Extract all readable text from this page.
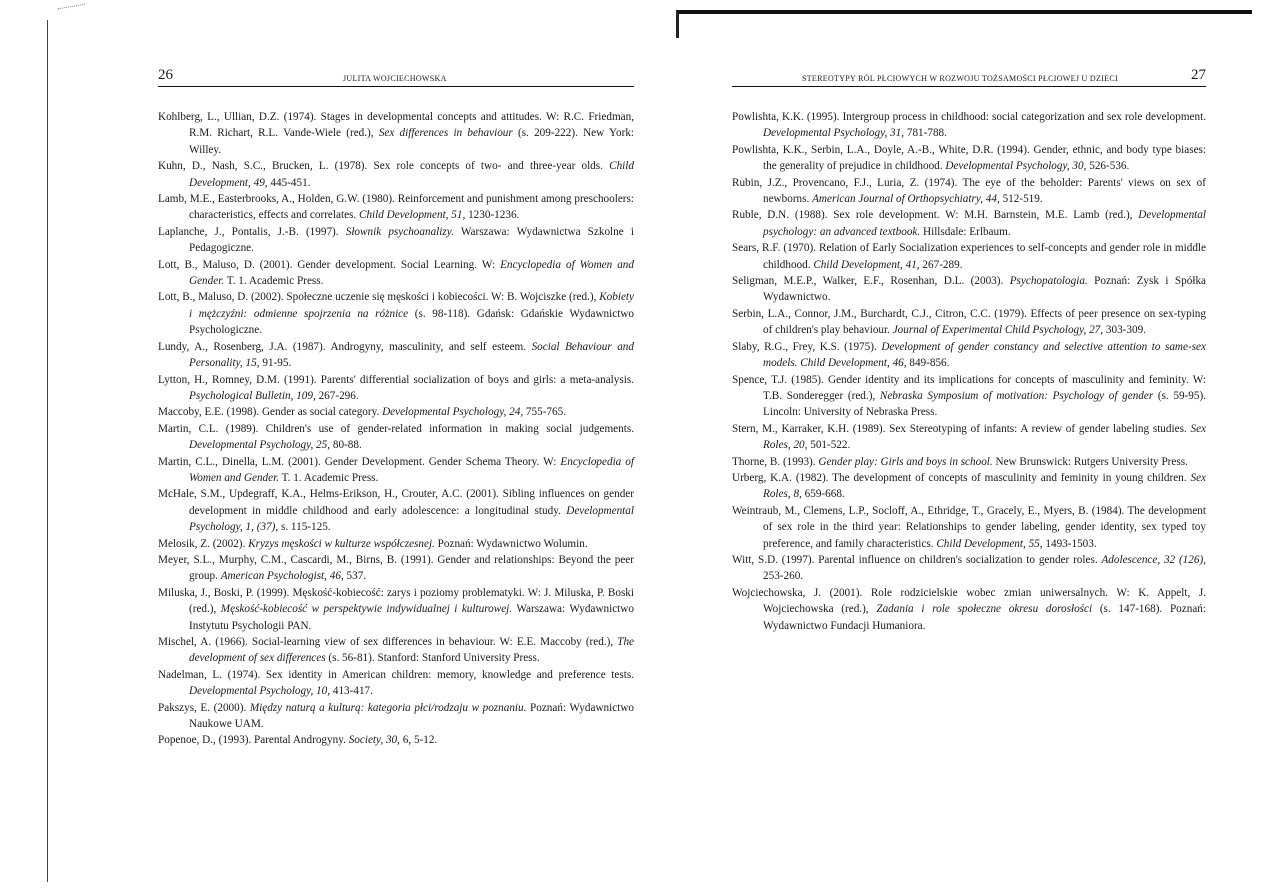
26	JULITA WOJCIECHOWSKA
Kohlberg, L., Ullian, D.Z. (1974). Stages in developmental concepts and attitudes. W: R.C. Friedman, R.M. Richart, R.L. Vande-Wiele (red.), Sex differences in behaviour (s. 209-222). New York: Willey.
Kuhn, D., Nash, S.C., Brucken, L. (1978). Sex role concepts of two- and three-year olds. Child Development, 49, 445-451.
Lamb, M.E., Easterbrooks, A., Holden, G.W. (1980). Reinforcement and punishment among preschoolers: characteristics, effects and correlates. Child Development, 51, 1230-1236.
Laplanche, J., Pontalis, J.-B. (1997). Słownik psychoanalizy. Warszawa: Wydawnictwa Szkolne i Pedagogiczne.
Lott, B., Maluso, D. (2001). Gender development. Social Learning. W: Encyclopedia of Women and Gender. T. 1. Academic Press.
Lott, B., Maluso, D. (2002). Społeczne uczenie się męskości i kobiecości. W: B. Wojciszke (red.), Kobiety i mężczyźni: odmienne spojrzenia na różnice (s. 98-118). Gdańsk: Gdańskie Wydawnictwo Psychologiczne.
Lundy, A., Rosenberg, J.A. (1987). Androgyny, masculinity, and self esteem. Social Behaviour and Personality, 15, 91-95.
Lytton, H., Romney, D.M. (1991). Parents' differential socialization of boys and girls: a meta-analysis. Psychological Bulletin, 109, 267-296.
Maccoby, E.E. (1998). Gender as social category. Developmental Psychology, 24, 755-765.
Martin, C.L. (1989). Children's use of gender-related information in making social judgements. Developmental Psychology, 25, 80-88.
Martin, C.L., Dinella, L.M. (2001). Gender Development. Gender Schema Theory. W: Encyclopedia of Women and Gender. T. 1. Academic Press.
McHale, S.M., Updegraff, K.A., Helms-Erikson, H., Crouter, A.C. (2001). Sibling influences on gender development in middle childhood and early adolescence: a longitudinal study. Developmental Psychology, 1, (37), s. 115-125.
Melosik, Z. (2002). Kryzys męskości w kulturze współczesnej. Poznań: Wydawnictwo Wolumin.
Meyer, S.L., Murphy, C.M., Cascardi, M., Birns, B. (1991). Gender and relationships: Beyond the peer group. American Psychologist, 46, 537.
Miluska, J., Boski, P. (1999). Męskość-kobiecość: zarys i poziomy problematyki. W: J. Miluska, P. Boski (red.), Męskość-kobiecość w perspektywie indywidualnej i kulturowej. Warszawa: Wydawnictwo Instytutu Psychologii PAN.
Mischel, A. (1966). Social-learning view of sex differences in behaviour. W: E.E. Maccoby (red.), The development of sex differences (s. 56-81). Stanford: Stanford University Press.
Nadelman, L. (1974). Sex identity in American children: memory, knowledge and preference tests. Developmental Psychology, 10, 413-417.
Pakszys, E. (2000). Między naturą a kulturą: kategoria płci/rodzaju w poznaniu. Poznań: Wydawnictwo Naukowe UAM.
Popenoe, D., (1993). Parental Androgyny. Society, 30, 6, 5-12.
STEREOTYPY RÓL PŁCIOWYCH W ROZWOJU TOŻSAMOŚCI PŁCIOWEJ U DZIECI	27
Powlishta, K.K. (1995). Intergroup process in childhood: social categorization and sex role development. Developmental Psychology, 31, 781-788.
Powlishta, K.K., Serbin, L.A., Doyle, A.-B., White, D.R. (1994). Gender, ethnic, and body type biases: the generality of prejudice in childhood. Developmental Psychology, 30, 526-536.
Rubin, J.Z., Provencano, F.J., Luria, Z. (1974). The eye of the beholder: Parents' views on sex of newborns. American Journal of Orthopsychiatry, 44, 512-519.
Ruble, D.N. (1988). Sex role development. W: M.H. Barnstein, M.E. Lamb (red.), Developmental psychology: an advanced textbook. Hillsdale: Erlbaum.
Sears, R.F. (1970). Relation of Early Socialization experiences to self-concepts and gender role in middle childhood. Child Development, 41, 267-289.
Seligman, M.E.P., Walker, E.F., Rosenhan, D.L. (2003). Psychopatologia. Poznań: Zysk i Spółka Wydawnictwo.
Serbin, L.A., Connor, J.M., Burchardt, C.J., Citron, C.C. (1979). Effects of peer presence on sex-typing of children's play behaviour. Journal of Experimental Child Psychology, 27, 303-309.
Slaby, R.G., Frey, K.S. (1975). Development of gender constancy and selective attention to same-sex models. Child Development, 46, 849-856.
Spence, T.J. (1985). Gender identity and its implications for concepts of masculinity and feminity. W: T.B. Sonderegger (red.), Nebraska Symposium of motivation: Psychology of gender (s. 59-95). Lincoln: University of Nebraska Press.
Stern, M., Karraker, K.H. (1989). Sex Stereotyping of infants: A review of gender labeling studies. Sex Roles, 20, 501-522.
Thorne, B. (1993). Gender play: Girls and boys in school. New Brunswick: Rutgers University Press.
Urberg, K.A. (1982). The development of concepts of masculinity and feminity in young children. Sex Roles, 8, 659-668.
Weintraub, M., Clemens, L.P., Socloff, A., Ethridge, T., Gracely, E., Myers, B. (1984). The development of sex role in the third year: Relationships to gender labeling, gender identity, sex typed toy preference, and family characteristics. Child Development, 55, 1493-1503.
Witt, S.D. (1997). Parental influence on children's socialization to gender roles. Adolescence, 32 (126), 253-260.
Wojciechowska, J. (2001). Role rodzicielskie wobec zmian uniwersalnych. W: K. Appelt, J. Wojciechowska (red.), Zadania i role społeczne okresu dorosłości (s. 147-168). Poznań: Wydawnictwo Fundacji Humaniora.
